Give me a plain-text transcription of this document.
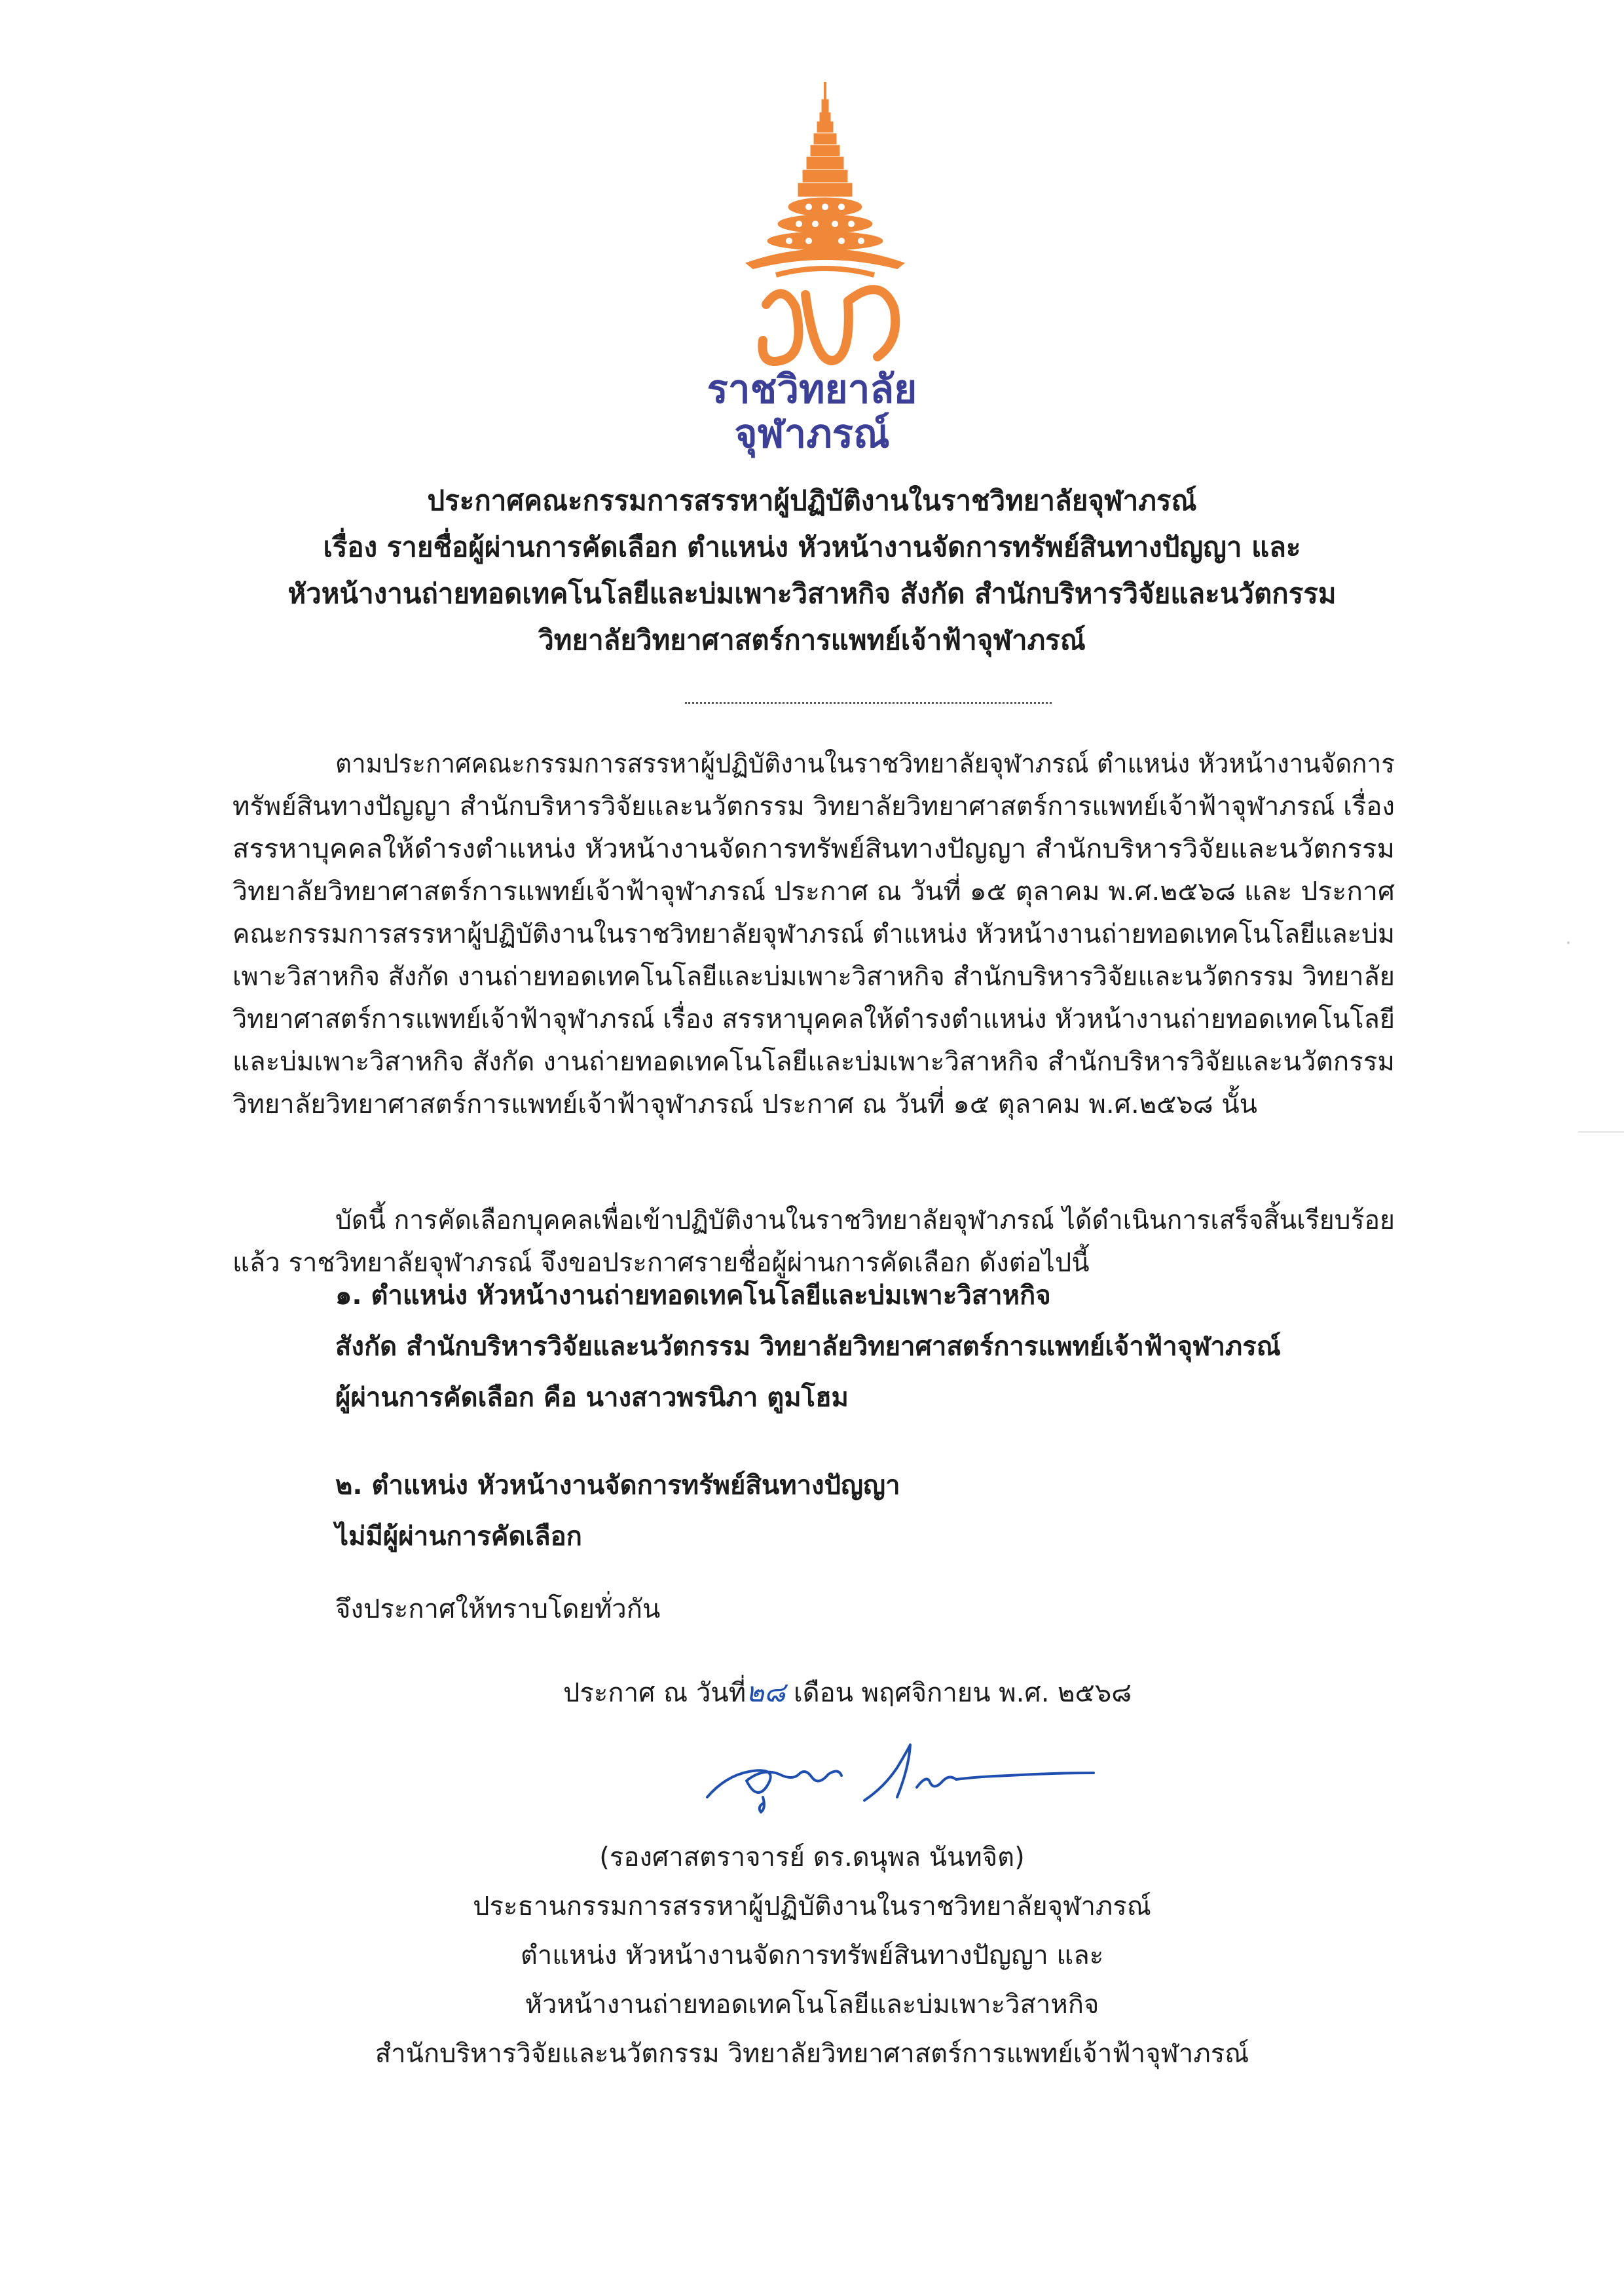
ราชวิทยาลัย
จุฬาภรณ์
ประกาศคณะกรรมการสรรหาผู้ปฏิบัติงานในราชวิทยาลัยจุฬาภรณ์
เรื่อง รายชื่อผู้ผ่านการคัดเลือก ตำแหน่ง หัวหน้างานจัดการทรัพย์สินทางปัญญา และ
หัวหน้างานถ่ายทอดเทคโนโลยีและบ่มเพาะวิสาหกิจ สังกัด สำนักบริหารวิจัยและนวัตกรรม
วิทยาลัยวิทยาศาสตร์การแพทย์เจ้าฟ้าจุฬาภรณ์
ตามประกาศคณะกรรมการสรรหาผู้ปฏิบัติงานในราชวิทยาลัยจุฬาภรณ์ ตำแหน่ง หัวหน้างานจัดการ
ทรัพย์สินทางปัญญา สำนักบริหารวิจัยและนวัตกรรม วิทยาลัยวิทยาศาสตร์การแพทย์เจ้าฟ้าจุฬาภรณ์ เรื่อง
สรรหาบุคคลให้ดำรงตำแหน่ง หัวหน้างานจัดการทรัพย์สินทางปัญญา สำนักบริหารวิจัยและนวัตกรรม
วิทยาลัยวิทยาศาสตร์การแพทย์เจ้าฟ้าจุฬาภรณ์ ประกาศ ณ วันที่ ๑๕ ตุลาคม พ.ศ.๒๕๖๘ และ ประกาศ
คณะกรรมการสรรหาผู้ปฏิบัติงานในราชวิทยาลัยจุฬาภรณ์ ตำแหน่ง หัวหน้างานถ่ายทอดเทคโนโลยีและบ่ม
เพาะวิสาหกิจ สังกัด งานถ่ายทอดเทคโนโลยีและบ่มเพาะวิสาหกิจ สำนักบริหารวิจัยและนวัตกรรม วิทยาลัย
วิทยาศาสตร์การแพทย์เจ้าฟ้าจุฬาภรณ์ เรื่อง สรรหาบุคคลให้ดำรงตำแหน่ง หัวหน้างานถ่ายทอดเทคโนโลยี
และบ่มเพาะวิสาหกิจ สังกัด งานถ่ายทอดเทคโนโลยีและบ่มเพาะวิสาหกิจ สำนักบริหารวิจัยและนวัตกรรม
วิทยาลัยวิทยาศาสตร์การแพทย์เจ้าฟ้าจุฬาภรณ์ ประกาศ ณ วันที่ ๑๕ ตุลาคม พ.ศ.๒๕๖๘ นั้น
บัดนี้ การคัดเลือกบุคคลเพื่อเข้าปฏิบัติงานในราชวิทยาลัยจุฬาภรณ์ ได้ดำเนินการเสร็จสิ้นเรียบร้อย
แล้ว ราชวิทยาลัยจุฬาภรณ์ จึงขอประกาศรายชื่อผู้ผ่านการคัดเลือก ดังต่อไปนี้
๑. ตำแหน่ง หัวหน้างานถ่ายทอดเทคโนโลยีและบ่มเพาะวิสาหกิจ
สังกัด สำนักบริหารวิจัยและนวัตกรรม วิทยาลัยวิทยาศาสตร์การแพทย์เจ้าฟ้าจุฬาภรณ์
ผู้ผ่านการคัดเลือก คือ นางสาวพรนิภา ตูมโฮม
๒. ตำแหน่ง หัวหน้างานจัดการทรัพย์สินทางปัญญา
ไม่มีผู้ผ่านการคัดเลือก
จึงประกาศให้ทราบโดยทั่วกัน
ประกาศ ณ วันที่๒๘ เดือน พฤศจิกายน พ.ศ. ๒๕๖๘
(รองศาสตราจารย์ ดร.ดนุพล นันทจิต)
ประธานกรรมการสรรหาผู้ปฏิบัติงานในราชวิทยาลัยจุฬาภรณ์
ตำแหน่ง หัวหน้างานจัดการทรัพย์สินทางปัญญา และ
หัวหน้างานถ่ายทอดเทคโนโลยีและบ่มเพาะวิสาหกิจ
สำนักบริหารวิจัยและนวัตกรรม วิทยาลัยวิทยาศาสตร์การแพทย์เจ้าฟ้าจุฬาภรณ์
